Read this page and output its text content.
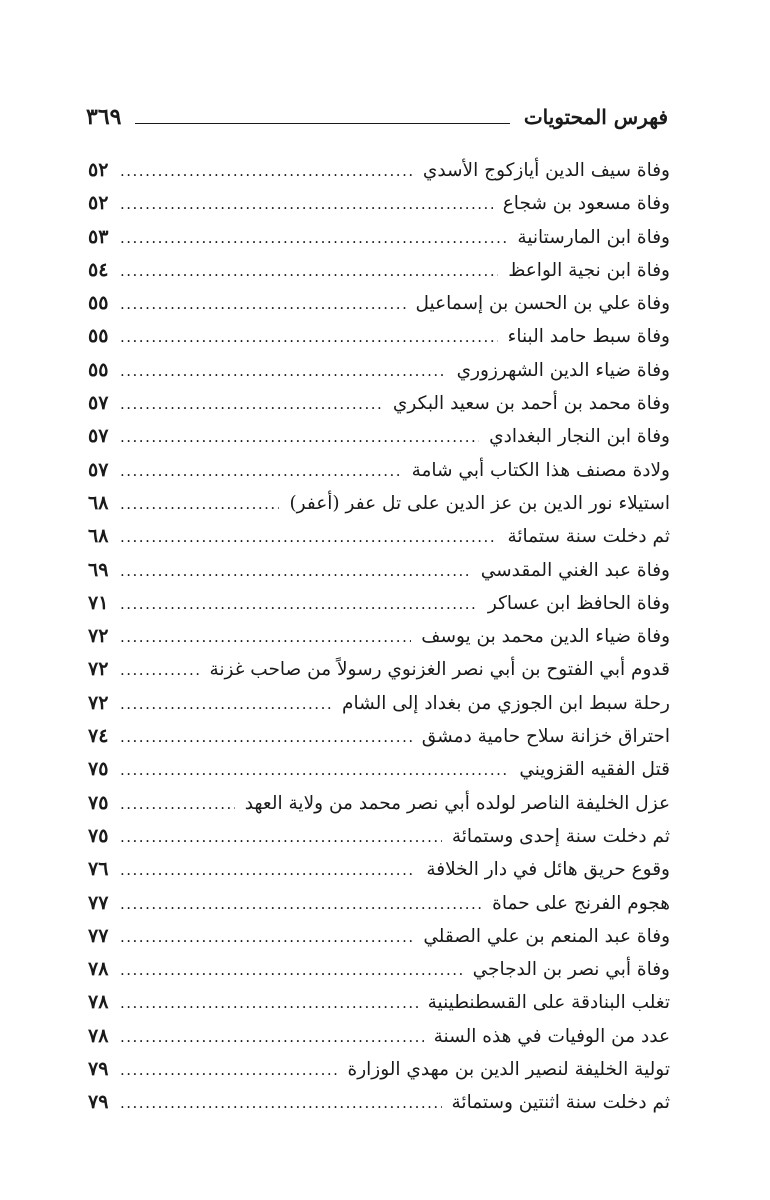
فهرس المحتويات
٣٦٩
وفاة سيف الدين أيازكوج الأسدي
.....
٥٢
وفاة مسعود بن شجاع
.....
٥٢
وفاة ابن المارستانية
.....
٥٣
وفاة ابن نجية الواعظ
.....
٥٤
وفاة علي بن الحسن بن إسماعيل
.....
٥٥
وفاة سبط حامد البناء
.....
٥٥
وفاة ضياء الدين الشهرزوري
.....
٥٥
وفاة محمد بن أحمد بن سعيد البكري
.....
٥٧
وفاة ابن النجار البغدادي
.....
٥٧
ولادة مصنف هذا الكتاب أبي شامة
.....
٥٧
استيلاء نور الدين بن عز الدين على تل عفر (أعفر)
.....
٦٨
ثم دخلت سنة ستمائة
.....
٦٨
وفاة عبد الغني المقدسي
.....
٦٩
وفاة الحافظ ابن عساكر
.....
٧١
وفاة ضياء الدين محمد بن يوسف
.....
٧٢
قدوم أبي الفتوح بن أبي نصر الغزنوي رسولاً من صاحب غزنة
.....
٧٢
رحلة سبط ابن الجوزي من بغداد إلى الشام
.....
٧٢
احتراق خزانة سلاح حامية دمشق
.....
٧٤
قتل الفقيه القزويني
.....
٧٥
عزل الخليفة الناصر لولده أبي نصر محمد من ولاية العهد
.....
٧٥
ثم دخلت سنة إحدى وستمائة
.....
٧٥
وقوع حريق هائل في دار الخلافة
.....
٧٦
هجوم الفرنج على حماة
.....
٧٧
وفاة عبد المنعم بن علي الصقلي
.....
٧٧
وفاة أبي نصر بن الدجاجي
.....
٧٨
تغلب البنادقة على القسطنطينية
.....
٧٨
عدد من الوفيات في هذه السنة
.....
٧٨
تولية الخليفة لنصير الدين بن مهدي الوزارة
.....
٧٩
ثم دخلت سنة اثنتين وستمائة
.....
٧٩
